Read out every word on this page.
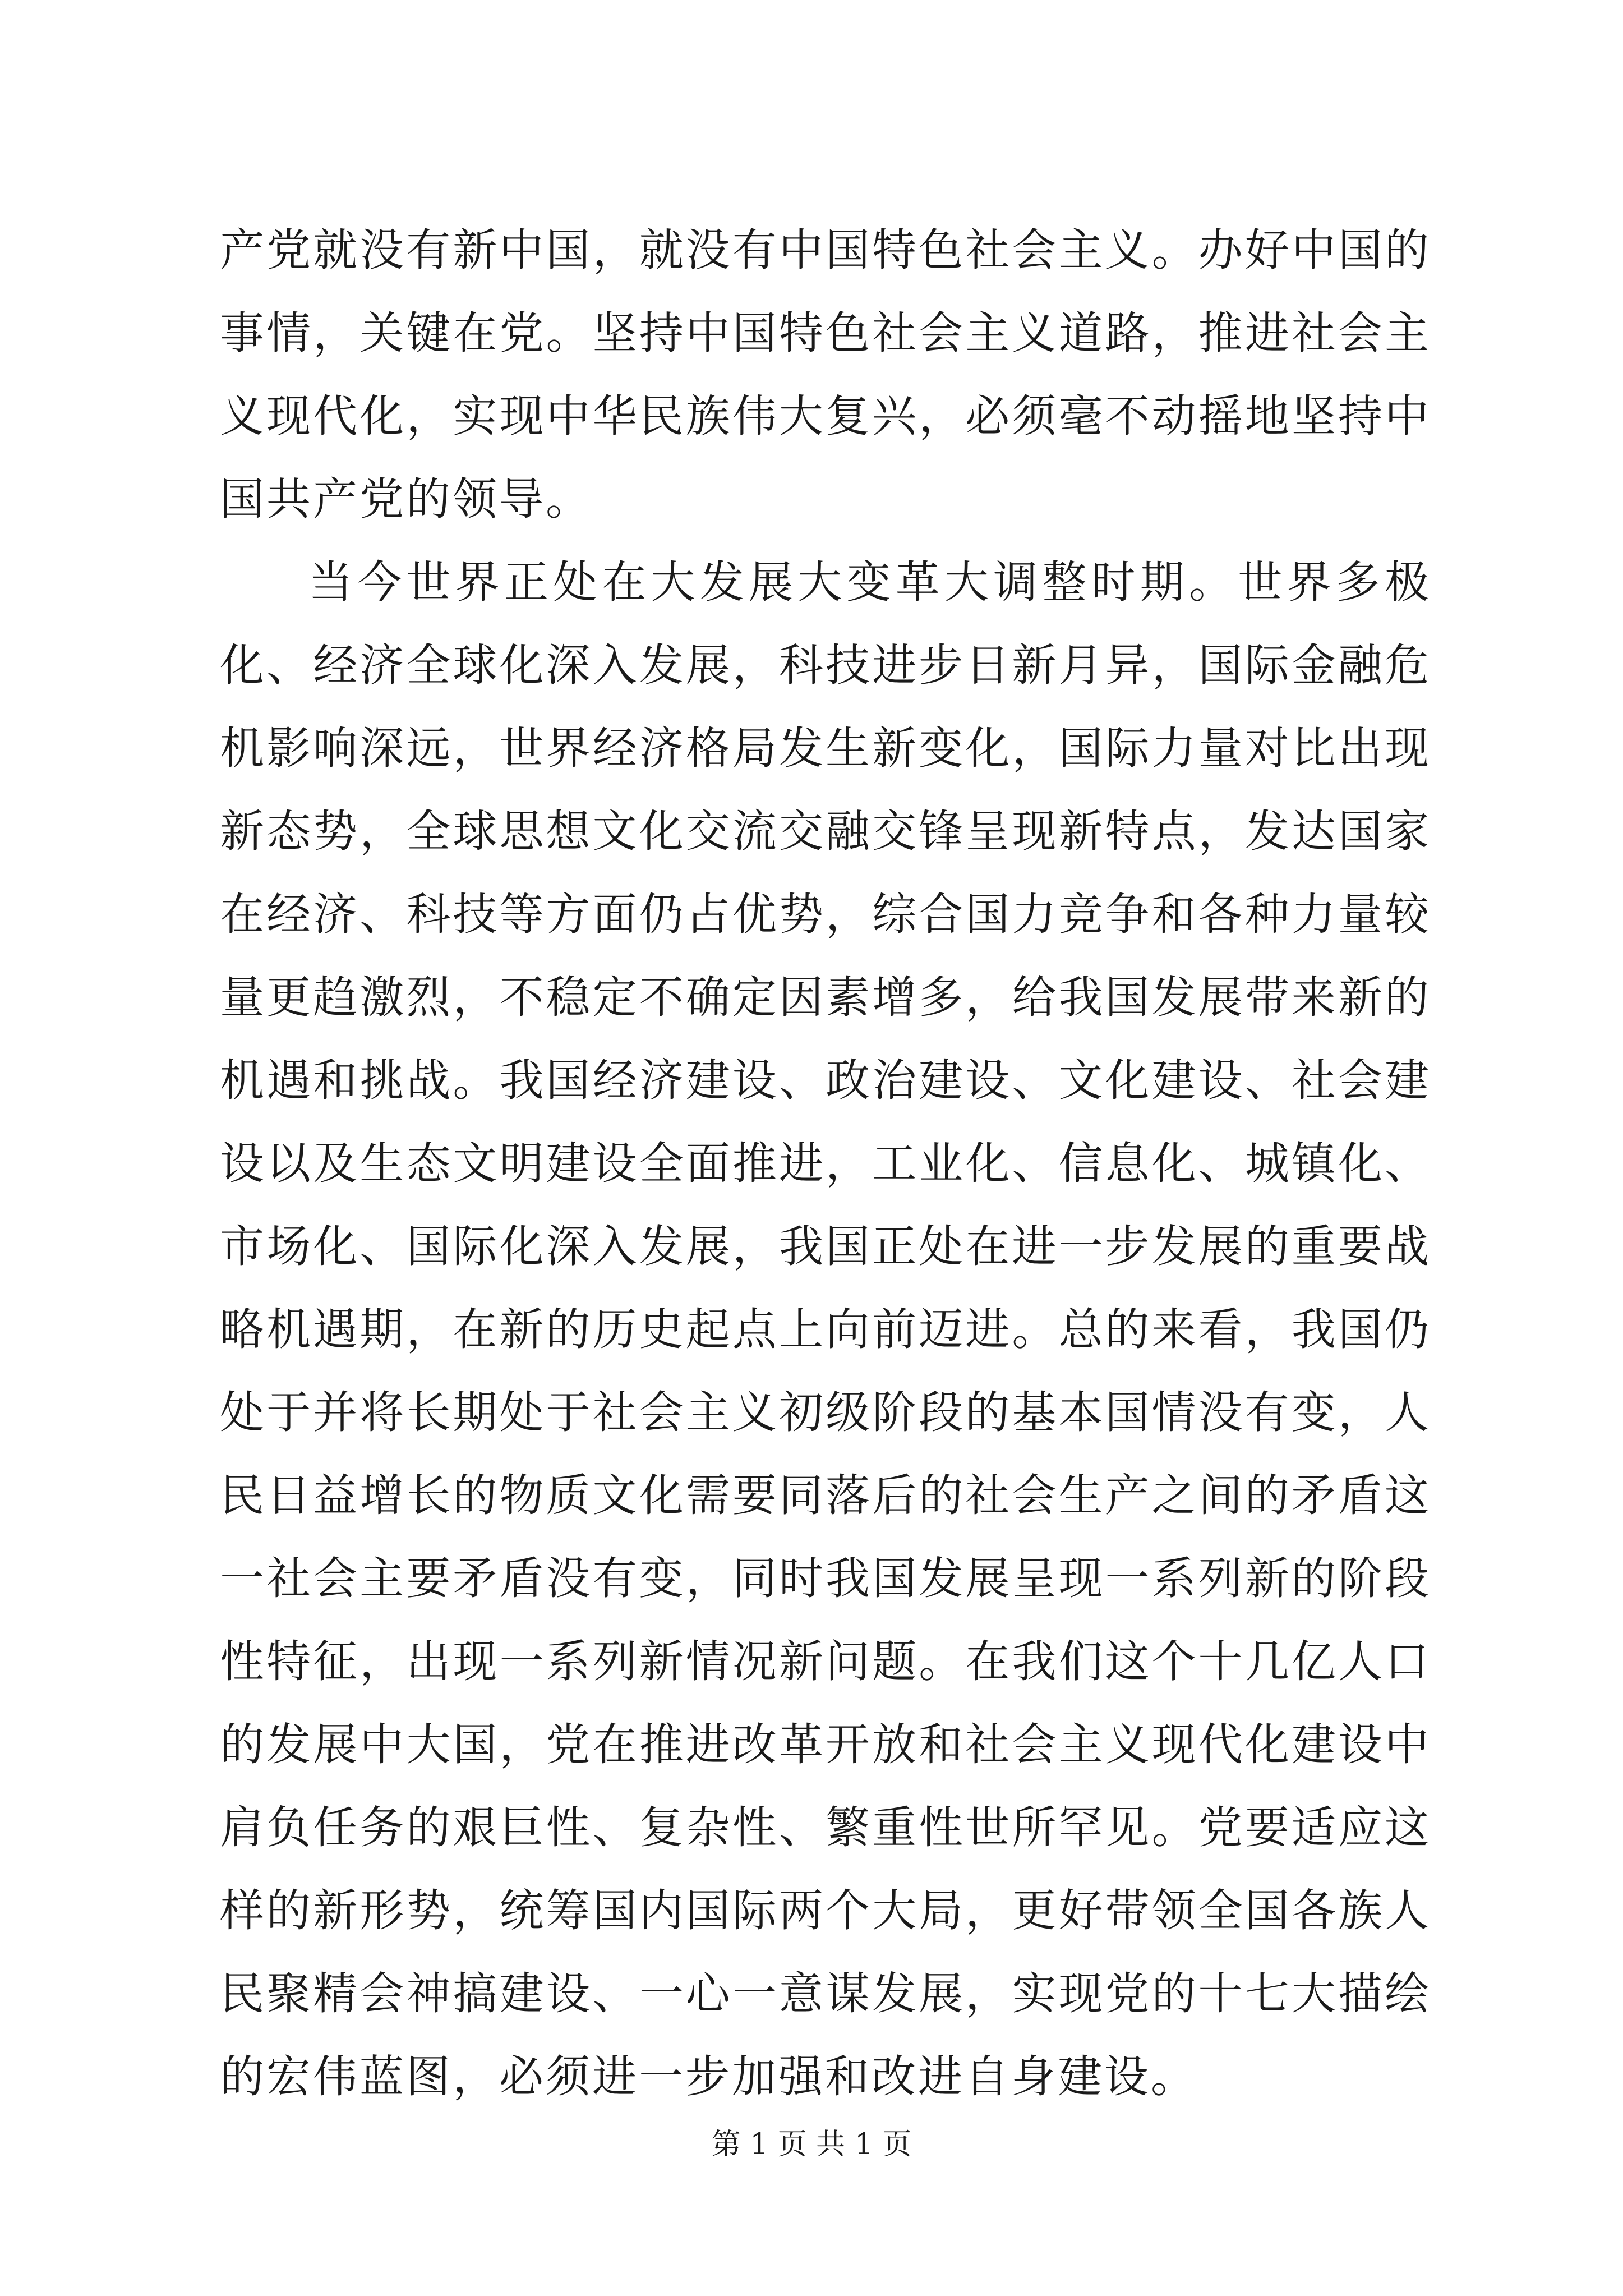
产党就没有新中国，就没有中国特色社会主义。办好中国的事情，关键在党。坚持中国特色社会主义道路，推进社会主义现代化，实现中华民族伟大复兴，必须毫不动摇地坚持中国共产党的领导。

当今世界正处在大发展大变革大调整时期。世界多极化、经济全球化深入发展，科技进步日新月异，国际金融危机影响深远，世界经济格局发生新变化，国际力量对比出现新态势，全球思想文化交流交融交锋呈现新特点，发达国家在经济、科技等方面仍占优势，综合国力竞争和各种力量较量更趋激烈，不稳定不确定因素增多，给我国发展带来新的机遇和挑战。我国经济建设、政治建设、文化建设、社会建设以及生态文明建设全面推进，工业化、信息化、城镇化、市场化、国际化深入发展，我国正处在进一步发展的重要战略机遇期，在新的历史起点上向前迈进。总的来看，我国仍处于并将长期处于社会主义初级阶段的基本国情没有变，人民日益增长的物质文化需要同落后的社会生产之间的矛盾这一社会主要矛盾没有变，同时我国发展呈现一系列新的阶段性特征，出现一系列新情况新问题。在我们这个十几亿人口的发展中大国，党在推进改革开放和社会主义现代化建设中肩负任务的艰巨性、复杂性、繁重性世所罕见。党要适应这样的新形势，统筹国内国际两个大局，更好带领全国各族人民聚精会神搞建设、一心一意谋发展，实现党的十七大描绘的宏伟蓝图，必须进一步加强和改进自身建设。

第 1 页 共 1 页
